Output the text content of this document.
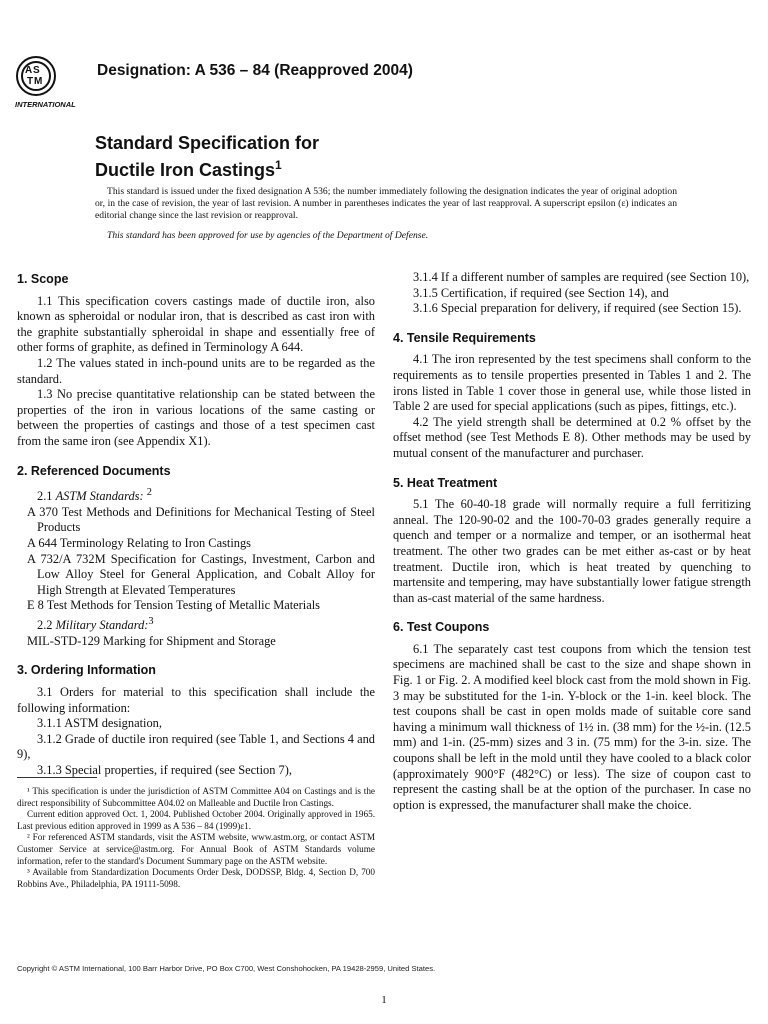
A S
T M
INTERNATIONAL
Designation: A 536 – 84 (Reapproved 2004)
Standard Specification for
Ductile Iron Castings$^1$
This standard is issued under the fixed designation A 536; the number immediately following the designation indicates the year of original adoption or, in the case of revision, the year of last revision. A number in parentheses indicates the year of last reapproval. A superscript epsilon (ε) indicates an editorial change since the last revision or reapproval.
This standard has been approved for use by agencies of the Department of Defense.
1. Scope

1.1 This specification covers castings made of ductile iron, also known as spheroidal or nodular iron, that is described as cast iron with the graphite substantially spheroidal in shape and essentially free of other forms of graphite, as defined in Terminology A 644.

1.2 The values stated in inch-pound units are to be regarded as the standard.

1.3 No precise quantitative relationship can be stated between the properties of the iron in various locations of the same casting or between the properties of castings and those of a test specimen cast from the same iron (see Appendix X1).

2. Referenced Documents

2.1 ASTM Standards: $^2$

A 370 Test Methods and Definitions for Mechanical Testing of Steel Products

A 644 Terminology Relating to Iron Castings

A 732/A 732M Specification for Castings, Investment, Carbon and Low Alloy Steel for General Application, and Cobalt Alloy for High Strength at Elevated Temperatures

E 8 Test Methods for Tension Testing of Metallic Materials

2.2 Military Standard:$^3$

MIL-STD-129 Marking for Shipment and Storage

3. Ordering Information

3.1 Orders for material to this specification shall include the following information:

3.1.1 ASTM designation,

3.1.2 Grade of ductile iron required (see Table 1, and Sections 4 and 9),

3.1.3 Special properties, if required (see Section 7),

3.1.4 If a different number of samples are required (see Section 10),

3.1.5 Certification, if required (see Section 14), and

3.1.6 Special preparation for delivery, if required (see Section 15).

4. Tensile Requirements

4.1 The iron represented by the test specimens shall conform to the requirements as to tensile properties presented in Tables 1 and 2. The irons listed in Table 1 cover those in general use, while those listed in Table 2 are used for special applications (such as pipes, fittings, etc.).

4.2 The yield strength shall be determined at 0.2 % offset by the offset method (see Test Methods E 8). Other methods may be used by mutual consent of the manufacturer and purchaser.

5. Heat Treatment

5.1 The 60-40-18 grade will normally require a full ferritizing anneal. The 120-90-02 and the 100-70-03 grades generally require a quench and temper or a normalize and temper, or an isothermal heat treatment. The other two grades can be met either as-cast or by heat treatment. Ductile iron, which is heat treated by quenching to martensite and tempering, may have substantially lower fatigue strength than as-cast material of the same hardness.

6. Test Coupons

6.1 The separately cast test coupons from which the tension test specimens are machined shall be cast to the size and shape shown in Fig. 1 or Fig. 2. A modified keel block cast from the mold shown in Fig. 3 may be substituted for the 1-in. Y-block or the 1-in. keel block. The test coupons shall be cast in open molds made of suitable core sand having a minimum wall thickness of 1½ in. (38 mm) for the ½-in. (12.5 mm) and 1-in. (25-mm) sizes and 3 in. (75 mm) for the 3-in. size. The coupons shall be left in the mold until they have cooled to a black color (approximately 900°F (482°C) or less). The size of coupon cast to represent the casting shall be at the option of the purchaser. In case no option is expressed, the manufacturer shall make the choice.

¹ This specification is under the jurisdiction of ASTM Committee A04 on Castings and is the direct responsibility of Subcommittee A04.02 on Malleable and Ductile Iron Castings.

Current edition approved Oct. 1, 2004. Published October 2004. Originally approved in 1965. Last previous edition approved in 1999 as A 536 – 84 (1999)ε1.

² For referenced ASTM standards, visit the ASTM website, www.astm.org, or contact ASTM Customer Service at service@astm.org. For Annual Book of ASTM Standards volume information, refer to the standard's Document Summary page on the ASTM website.

³ Available from Standardization Documents Order Desk, DODSSP, Bldg. 4, Section D, 700 Robbins Ave., Philadelphia, PA 19111-5098.

Copyright © ASTM International, 100 Barr Harbor Drive, PO Box C700, West Conshohocken, PA 19428-2959, United States.
1
